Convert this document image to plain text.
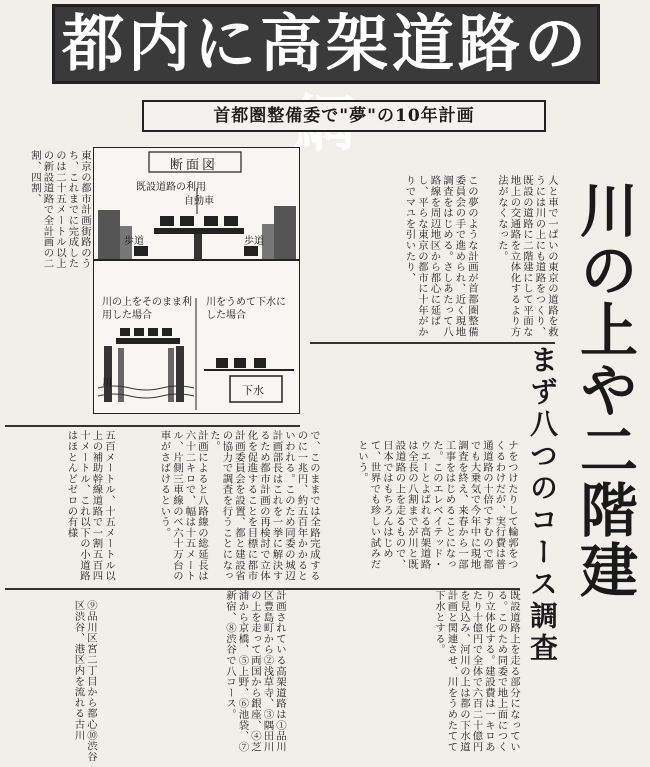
都内に高架道路の
首都圏整備委で"夢"の10年計画
川の上や二階建
まず八つのコース調査
人と車で一ぱいの東京の道路を救うには川の上にも道路をつくり、既設の道路に二階建にして平面な地上の交通路を立体化するより方法がなくなった。
この夢のような計画が首都圏整備委員会の手で進められ、近く現地調査をはじめる。さしあたって八路線を周辺地区から都心に延ばし、平らな東京の都市に十年がかりでマユを引いたり、
ナをつけたりして輪郭をつくるわけだが、実行費は普通道路の十倍ですむので都でも大乗気で今年中に現地調査を終え、来春から一部工事をはじめることになった。このエレベイテッド・ウエーとよばれる高架道路は全長の八割までが川と既設道路の上を走るもので、日本ではもちろんはじめて、世界でも珍しい試みだという。
東京の都市計画街路のうち、これまでに完成したのは二十五メートル以上の新設道路で全計画の二割、四割、
五百メートル、十五メートル以上の補助幹線道路で一割五百四十メートル、これ以下の小道路はほとんどゼロの有様	で、このままでは全路完成するのに一兆円、約五百年かかるといわれる。このため同委の城辺計画部長はこれを一挙に解決するため都市計画の再検討で立体化を促進することを目標に都市計画委員会を設置、都と建設省の協力で調査を行うことになった。
計画によると八路線の総延長は六十二キロで、幅は十五メートル、片側三車線のべ六十万台の車がさばけるという。
既設道路上を走る部分になっている。このため同委で地上面につくり立体化する。建設費は一キロあたり十億円で全体で六百二十億円を見込み、河川の上は都の下水道計画と関連させ、川をうめたてて下水とする。
計画されている高架道路は①品川区豊島町から②浅草寺、③隅田川の上を走って両国から銀座、④芝浦から京橋、⑤上野、⑥池袋、⑦新宿、⑧渋谷で八コース。
⑨品川区宮二丁目から都心⑩渋谷区渋谷、港区内を流れる古川
断面図
既設道路の利用
自動車
歩道	歩道
川の上をそのまま利用した場合
川をうめて下水にした場合
川
下水
